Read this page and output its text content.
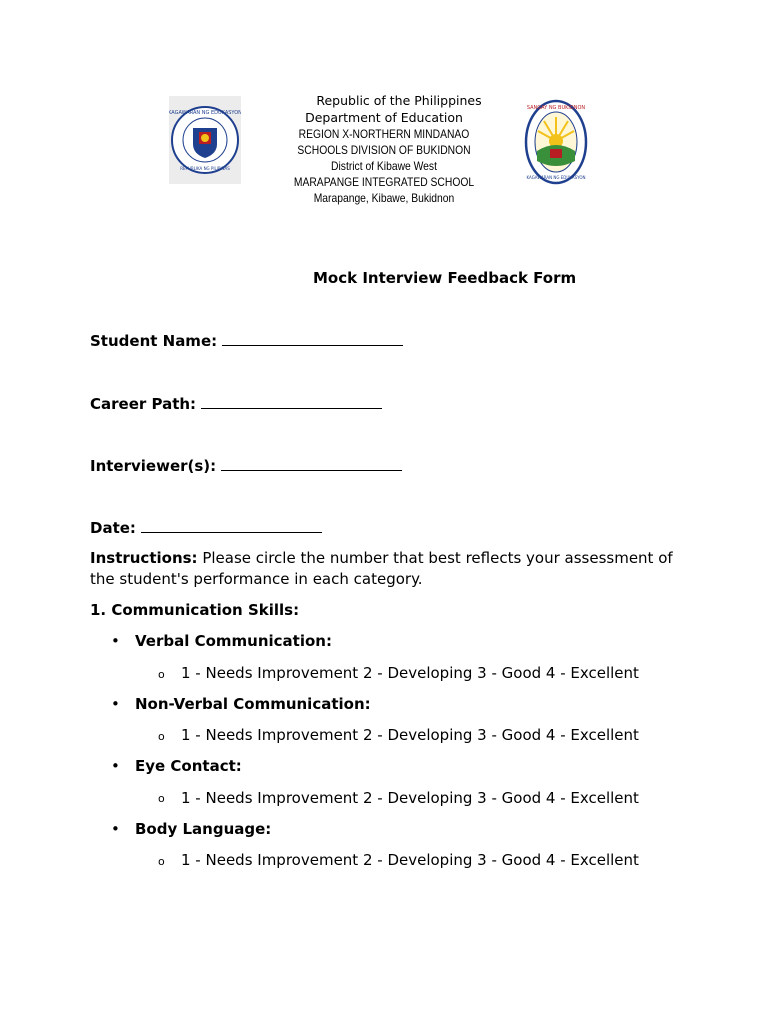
KAGAWARAN NG EDUKASYON
REPUBLIKA NG PILIPINAS
SANGAY NG BUKIDNON
KAGAWARAN NG EDUKASYON
Republic of the Philippines
Department of Education
REGION X-NORTHERN MINDANAO
SCHOOLS DIVISION OF BUKIDNON
District of Kibawe West
MARAPANGE INTEGRATED SCHOOL
Marapange, Kibawe, Bukidnon
Mock Interview Feedback Form
Student Name:
Career Path:
Interviewer(s):
Date:
Instructions: Please circle the number that best reflects your assessment of
the student's performance in each category.
1. Communication Skills:
• Verbal Communication:
o 1 - Needs Improvement 2 - Developing 3 - Good 4 - Excellent
• Non-Verbal Communication:
o 1 - Needs Improvement 2 - Developing 3 - Good 4 - Excellent
• Eye Contact:
o 1 - Needs Improvement 2 - Developing 3 - Good 4 - Excellent
• Body Language:
o 1 - Needs Improvement 2 - Developing 3 - Good 4 - Excellent
